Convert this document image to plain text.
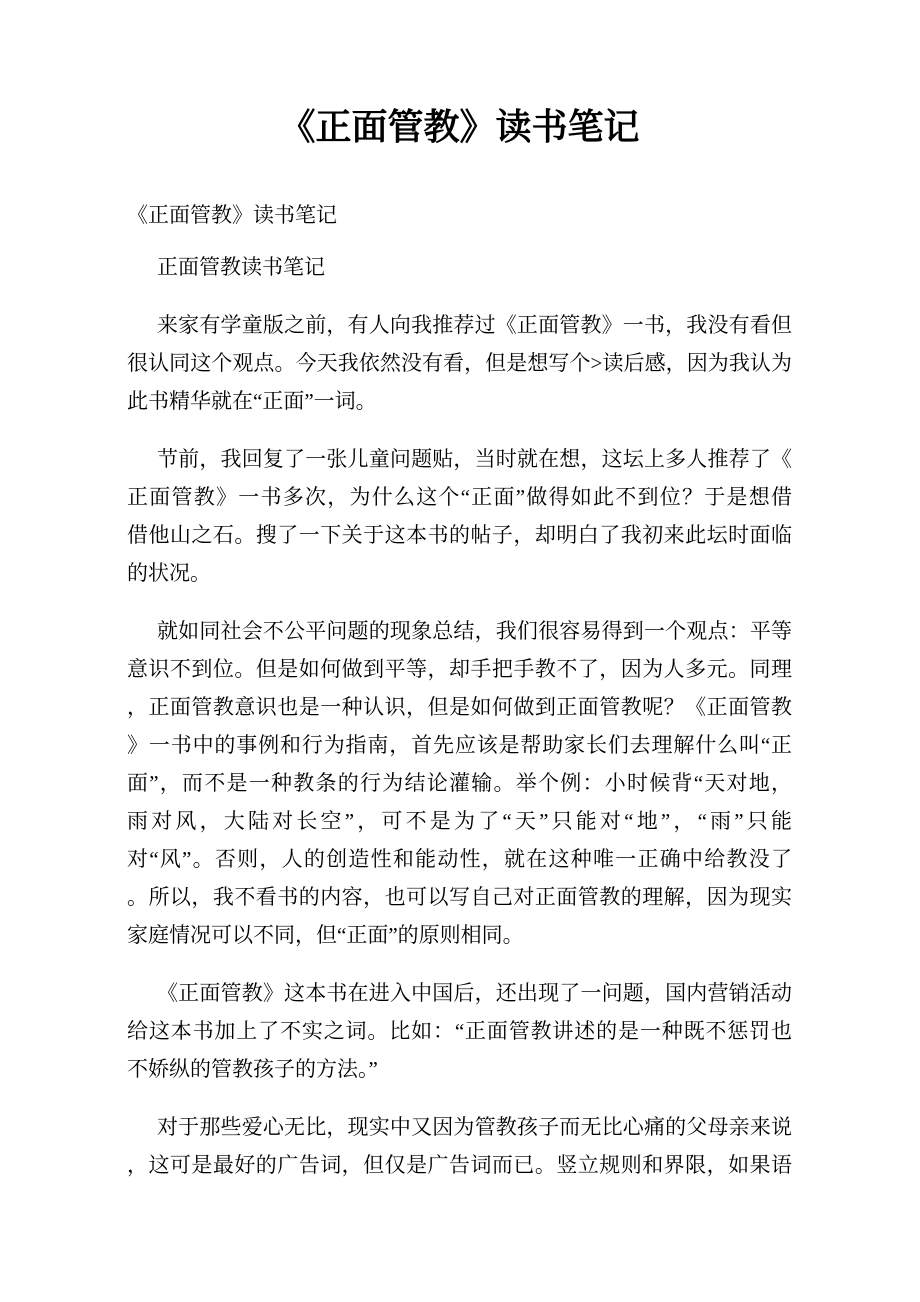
《正面管教》读书笔记
《正面管教》读书笔记
正面管教读书笔记
来家有学童版之前，有人向我推荐过《正面管教》一书，我没有看但
很认同这个观点。今天我依然没有看，但是想写个>读后感，因为我认为
此书精华就在“正面”一词。
节前，我回复了一张儿童问题贴，当时就在想，这坛上多人推荐了《
正面管教》一书多次，为什么这个“正面”做得如此不到位？于是想借
借他山之石。搜了一下关于这本书的帖子，却明白了我初来此坛时面临
的状况。
就如同社会不公平问题的现象总结，我们很容易得到一个观点：平等
意识不到位。但是如何做到平等，却手把手教不了，因为人多元。同理
，正面管教意识也是一种认识，但是如何做到正面管教呢？《正面管教
》一书中的事例和行为指南，首先应该是帮助家长们去理解什么叫“正
面”，而不是一种教条的行为结论灌输。举个例：小时候背“天对地，
雨对风，大陆对长空”，可不是为了“天”只能对“地”，“雨”只能
对“风”。否则，人的创造性和能动性，就在这种唯一正确中给教没了
。所以，我不看书的内容，也可以写自己对正面管教的理解，因为现实
家庭情况可以不同，但“正面”的原则相同。
《正面管教》这本书在进入中国后，还出现了一问题，国内营销活动
给这本书加上了不实之词。比如：“正面管教讲述的是一种既不惩罚也
不娇纵的管教孩子的方法。”
对于那些爱心无比，现实中又因为管教孩子而无比心痛的父母亲来说
，这可是最好的广告词，但仅是广告词而已。竖立规则和界限，如果语
